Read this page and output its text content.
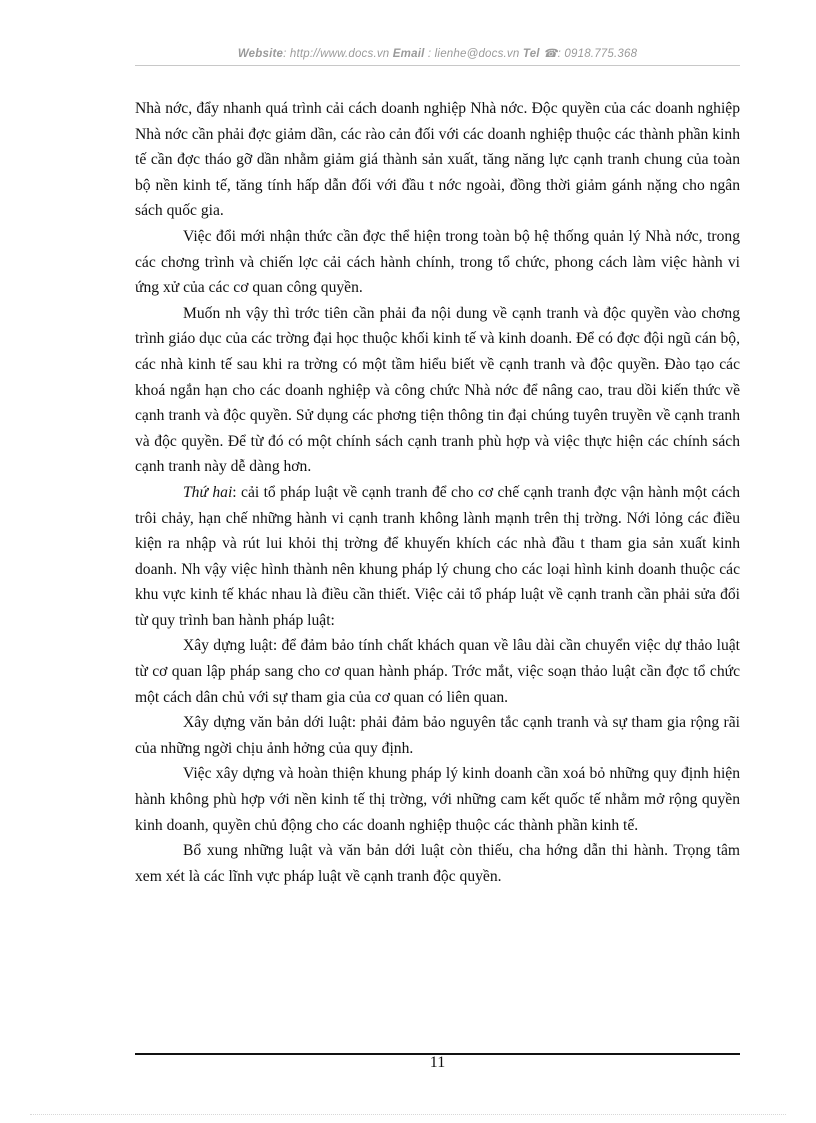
Website: http://www.docs.vn Email : lienhe@docs.vn Tel ☎: 0918.775.368

Nhà nớc, đẩy nhanh quá trình cải cách doanh nghiệp Nhà nớc. Độc quyền của các doanh nghiệp Nhà nớc cần phải đợc giảm dần, các rào cản đối với các doanh nghiệp thuộc các thành phần kinh tế cần đợc tháo gỡ dần nhằm giảm giá thành sản xuất, tăng năng lực cạnh tranh chung của toàn bộ nền kinh tế, tăng tính hấp dẫn đối với đầu t nớc ngoài, đồng thời giảm gánh nặng cho ngân sách quốc gia.

Việc đổi mới nhận thức cần đợc thể hiện trong toàn bộ hệ thống quản lý Nhà nớc, trong các chơng trình và chiến lợc cải cách hành chính, trong tổ chức, phong cách làm việc hành vi ứng xử của các cơ quan công quyền.

Muốn nh vậy thì trớc tiên cần phải đa nội dung về cạnh tranh và độc quyền vào chơng trình giáo dục của các trờng đại học thuộc khối kinh tế và kinh doanh. Để có đợc đội ngũ cán bộ, các nhà kinh tế sau khi ra trờng có một tầm hiểu biết về cạnh tranh và độc quyền. Đào tạo các khoá ngắn hạn cho các doanh nghiệp và công chức Nhà nớc để nâng cao, trau dồi kiến thức về cạnh tranh và độc quyền. Sử dụng các phơng tiện thông tin đại chúng tuyên truyền về cạnh tranh và độc quyền. Để từ đó có một chính sách cạnh tranh phù hợp và việc thực hiện các chính sách cạnh tranh này dễ dàng hơn.

Thứ hai: cải tổ pháp luật về cạnh tranh để cho cơ chế cạnh tranh đợc vận hành một cách trôi chảy, hạn chế những hành vi cạnh tranh không lành mạnh trên thị trờng. Nới lỏng các điều kiện ra nhập và rút lui khỏi thị trờng để khuyến khích các nhà đầu t tham gia sản xuất kinh doanh. Nh vậy việc hình thành nên khung pháp lý chung cho các loại hình kinh doanh thuộc các khu vực kinh tế khác nhau là điều cần thiết. Việc cải tổ pháp luật về cạnh tranh cần phải sửa đổi từ quy trình ban hành pháp luật:

Xây dựng luật: để đảm bảo tính chất khách quan về lâu dài cần chuyển việc dự thảo luật từ cơ quan lập pháp sang cho cơ quan hành pháp. Trớc mắt, việc soạn thảo luật cần đợc tổ chức một cách dân chủ với sự tham gia của cơ quan có liên quan.

Xây dựng văn bản dới luật: phải đảm bảo nguyên tắc cạnh tranh và sự tham gia rộng rãi của những ngời chịu ảnh hởng của quy định.

Việc xây dựng và hoàn thiện khung pháp lý kinh doanh cần xoá bỏ những quy định hiện hành không phù hợp với nền kinh tế thị trờng, với những cam kết quốc tế nhằm mở rộng quyền kinh doanh, quyền chủ động cho các doanh nghiệp thuộc các thành phần kinh tế.

Bổ xung những luật và văn bản dới luật còn thiếu, cha hớng dẫn thi hành. Trọng tâm xem xét là các lĩnh vực pháp luật về cạnh tranh độc quyền.

11
